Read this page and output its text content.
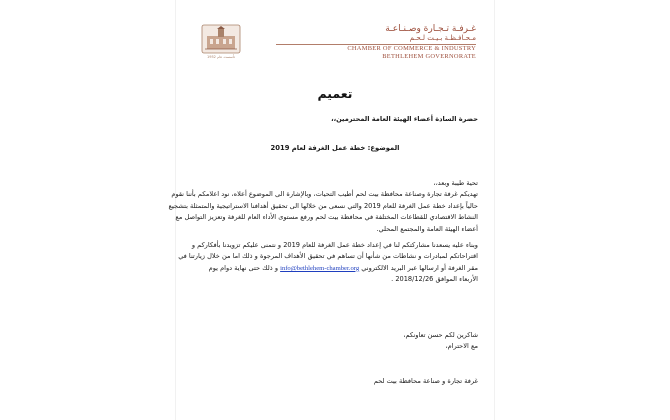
تأسست عام 1952
غـرفـة تـجـارة وصـنـاعـة
مـحـافـظـة بـيـت لـحـم
CHAMBER OF COMMERCE & INDUSTRY
BETHLEHEM GOVERNORATE
تعميم
حضرة السادة أعضاء الهيئة العامة المحترمين،،
الموضوع: خطة عمل الغرفة لعام 2019
تحية طيبة وبعد،،
تهديكم غرفة تجارة وصناعة محافظة بيت لحم أطيب التحيات، وبالإشارة الى الموضوع أعلاه، نود اعلامكم بأننا نقوم
حالياً بإعداد خطة عمل الغرفة للعام 2019 والتي نسعى من خلالها الى تحقيق أهدافنا الاستراتيجية والمتمثلة بتشجيع
النشاط الاقتصادي للقطاعات المختلفة في محافظة بيت لحم ورفع مستوى الأداء العام للغرفة وتعزيز التواصل مع
أعضاء الهيئة العامة والمجتمع المحلي.
وبناء عليه يسعدنا مشاركتكم لنا في إعداد خطة عمل الغرفة للعام 2019 و نتمنى عليكم تزويدنا بأفكاركم و
اقتراحاتكم لمبادرات و نشاطات من شأنها أن تساهم في تحقيق الأهداف المرجوة و ذلك اما من خلال زيارتنا في
مقر الغرفة أو ارسالها عبر البريد الالكتروني info@bethlehem-chamber.org و ذلك حتى نهاية دوام يوم
الأربعاء الموافق 2018/12/26 .
شاكرين لكم حسن تعاونكم،
مع الاحترام،
غرفة تجارة و صناعة محافظة بيت لحم
